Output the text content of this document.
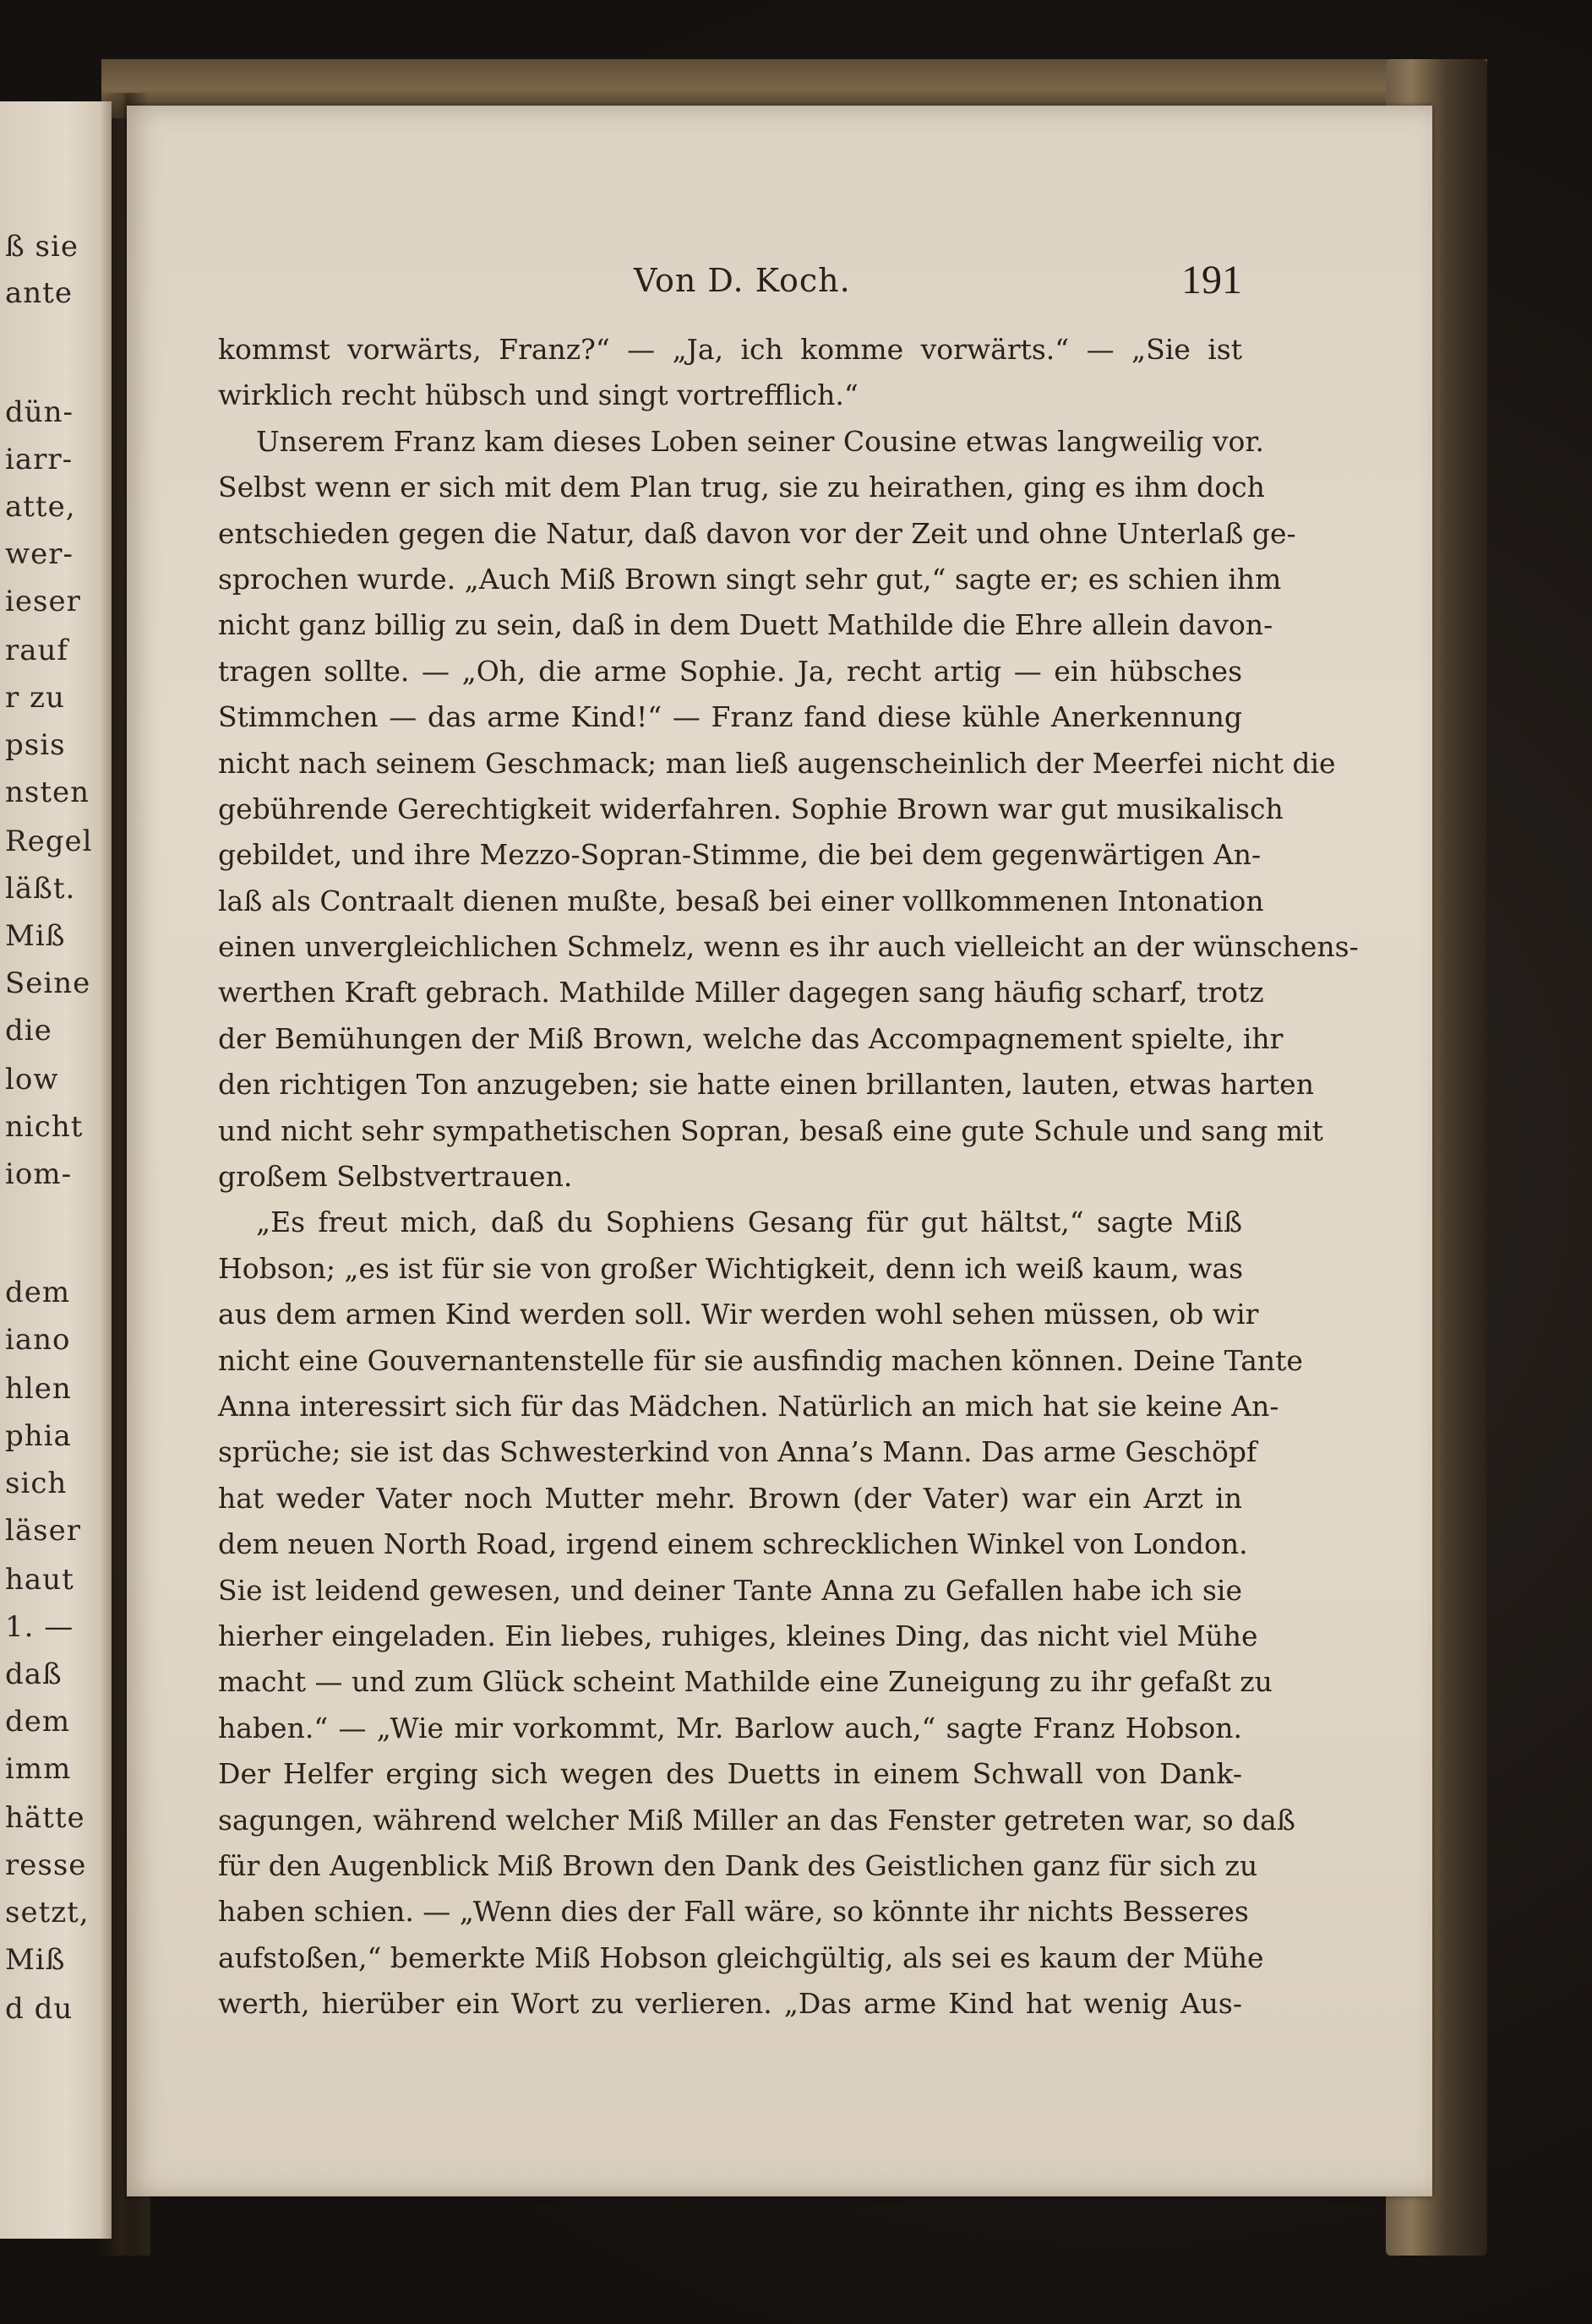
ß sie
ante
dün-
iarr-
atte,
wer-
ieser
rauf
r zu
psis
nsten
Regel
läßt.
Miß
Seine
die
low
nicht
iom-
dem
iano
hlen
phia
sich
läser
haut
1. —
daß
dem
imm
hätte
resse
setzt,
Miß
d du
Von D. Koch.	191
kommst vorwärts, Franz?“ — „Ja, ich komme vorwärts.“ — „Sie ist
wirklich recht hübsch und singt vortrefflich.“
Unserem Franz kam dieses Loben seiner Cousine etwas langweilig vor.
Selbst wenn er sich mit dem Plan trug, sie zu heirathen, ging es ihm doch
entschieden gegen die Natur, daß davon vor der Zeit und ohne Unterlaß ge-
sprochen wurde. „Auch Miß Brown singt sehr gut,“ sagte er; es schien ihm
nicht ganz billig zu sein, daß in dem Duett Mathilde die Ehre allein davon-
tragen sollte. — „Oh, die arme Sophie. Ja, recht artig — ein hübsches
Stimmchen — das arme Kind!“ — Franz fand diese kühle Anerkennung
nicht nach seinem Geschmack; man ließ augenscheinlich der Meerfei nicht die
gebührende Gerechtigkeit widerfahren. Sophie Brown war gut musikalisch
gebildet, und ihre Mezzo-Sopran-Stimme, die bei dem gegenwärtigen An-
laß als Contraalt dienen mußte, besaß bei einer vollkommenen Intonation
einen unvergleichlichen Schmelz, wenn es ihr auch vielleicht an der wünschens-
werthen Kraft gebrach. Mathilde Miller dagegen sang häufig scharf, trotz
der Bemühungen der Miß Brown, welche das Accompagnement spielte, ihr
den richtigen Ton anzugeben; sie hatte einen brillanten, lauten, etwas harten
und nicht sehr sympathetischen Sopran, besaß eine gute Schule und sang mit
großem Selbstvertrauen.
„Es freut mich, daß du Sophiens Gesang für gut hältst,“ sagte Miß
Hobson; „es ist für sie von großer Wichtigkeit, denn ich weiß kaum, was
aus dem armen Kind werden soll. Wir werden wohl sehen müssen, ob wir
nicht eine Gouvernantenstelle für sie ausfindig machen können. Deine Tante
Anna interessirt sich für das Mädchen. Natürlich an mich hat sie keine An-
sprüche; sie ist das Schwesterkind von Anna’s Mann. Das arme Geschöpf
hat weder Vater noch Mutter mehr. Brown (der Vater) war ein Arzt in
dem neuen North Road, irgend einem schrecklichen Winkel von London.
Sie ist leidend gewesen, und deiner Tante Anna zu Gefallen habe ich sie
hierher eingeladen. Ein liebes, ruhiges, kleines Ding, das nicht viel Mühe
macht — und zum Glück scheint Mathilde eine Zuneigung zu ihr gefaßt zu
haben.“ — „Wie mir vorkommt, Mr. Barlow auch,“ sagte Franz Hobson.
Der Helfer erging sich wegen des Duetts in einem Schwall von Dank-
sagungen, während welcher Miß Miller an das Fenster getreten war, so daß
für den Augenblick Miß Brown den Dank des Geistlichen ganz für sich zu
haben schien. — „Wenn dies der Fall wäre, so könnte ihr nichts Besseres
aufstoßen,“ bemerkte Miß Hobson gleichgültig, als sei es kaum der Mühe
werth, hierüber ein Wort zu verlieren. „Das arme Kind hat wenig Aus-
